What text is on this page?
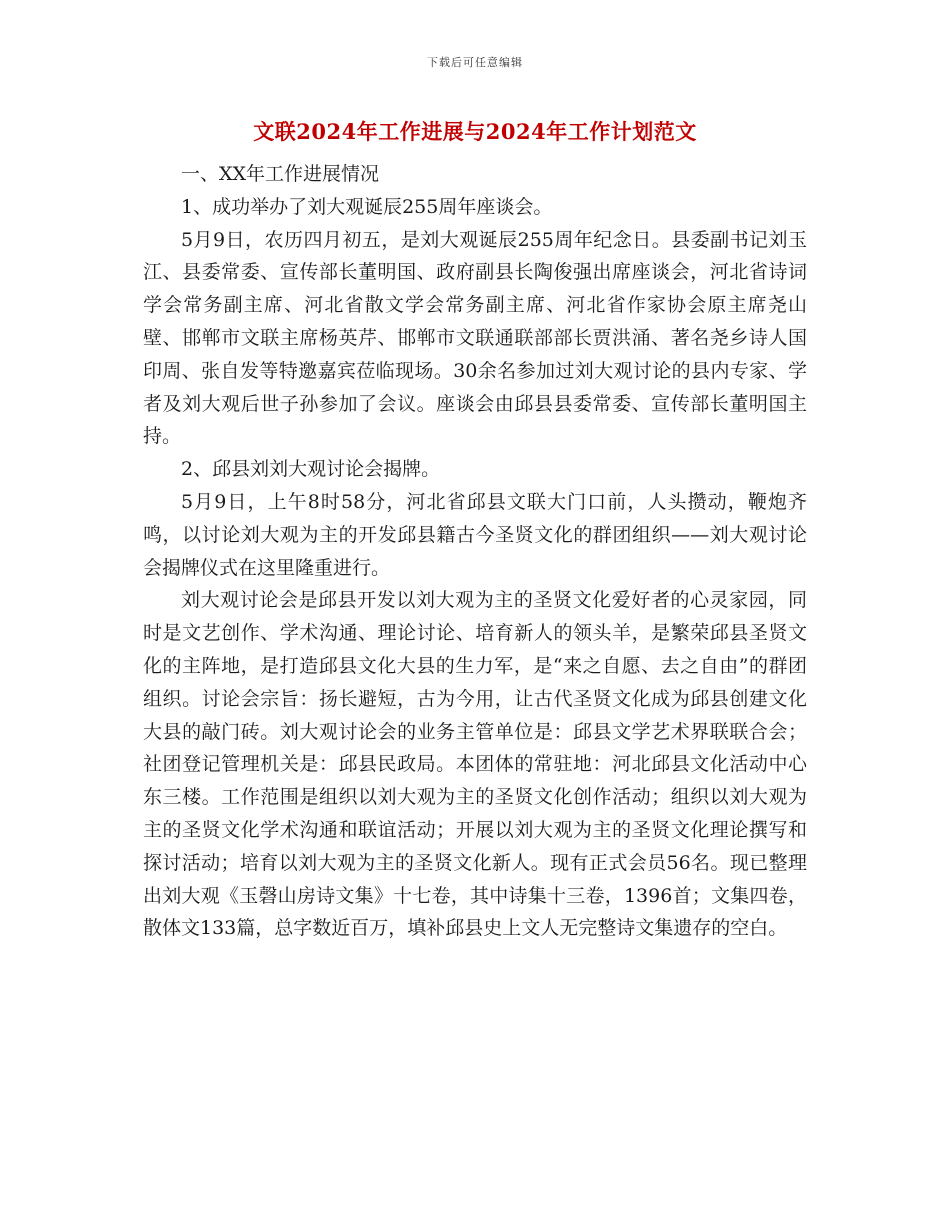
下载后可任意编辑
文联2024年工作进展与2024年工作计划范文

一、XX年工作进展情况

1、成功举办了刘大观诞辰255周年座谈会。

5月9日，农历四月初五，是刘大观诞辰255周年纪念日。县委副书记刘玉江、县委常委、宣传部长董明国、政府副县长陶俊强出席座谈会，河北省诗词学会常务副主席、河北省散文学会常务副主席、河北省作家协会原主席尧山壁、邯郸市文联主席杨英芹、邯郸市文联通联部部长贾洪涌、著名尧乡诗人国印周、张自发等特邀嘉宾莅临现场。30余名参加过刘大观讨论的县内专家、学者及刘大观后世子孙参加了会议。座谈会由邱县县委常委、宣传部长董明国主持。

2、邱县刘刘大观讨论会揭牌。

5月9日，上午8时58分，河北省邱县文联大门口前，人头攒动，鞭炮齐鸣，以讨论刘大观为主的开发邱县籍古今圣贤文化的群团组织——刘大观讨论会揭牌仪式在这里隆重进行。

刘大观讨论会是邱县开发以刘大观为主的圣贤文化爱好者的心灵家园，同时是文艺创作、学术沟通、理论讨论、培育新人的领头羊，是繁荣邱县圣贤文化的主阵地，是打造邱县文化大县的生力军，是“来之自愿、去之自由”的群团组织。讨论会宗旨：扬长避短，古为今用，让古代圣贤文化成为邱县创建文化大县的敲门砖。刘大观讨论会的业务主管单位是：邱县文学艺术界联联合会；社团登记管理机关是：邱县民政局。本团体的常驻地：河北邱县文化活动中心东三楼。工作范围是组织以刘大观为主的圣贤文化创作活动；组织以刘大观为主的圣贤文化学术沟通和联谊活动；开展以刘大观为主的圣贤文化理论撰写和探讨活动；培育以刘大观为主的圣贤文化新人。现有正式会员56名。现已整理出刘大观《玉磬山房诗文集》十七卷，其中诗集十三卷，1396首；文集四卷，散体文133篇，总字数近百万，填补邱县史上文人无完整诗文集遗存的空白。
